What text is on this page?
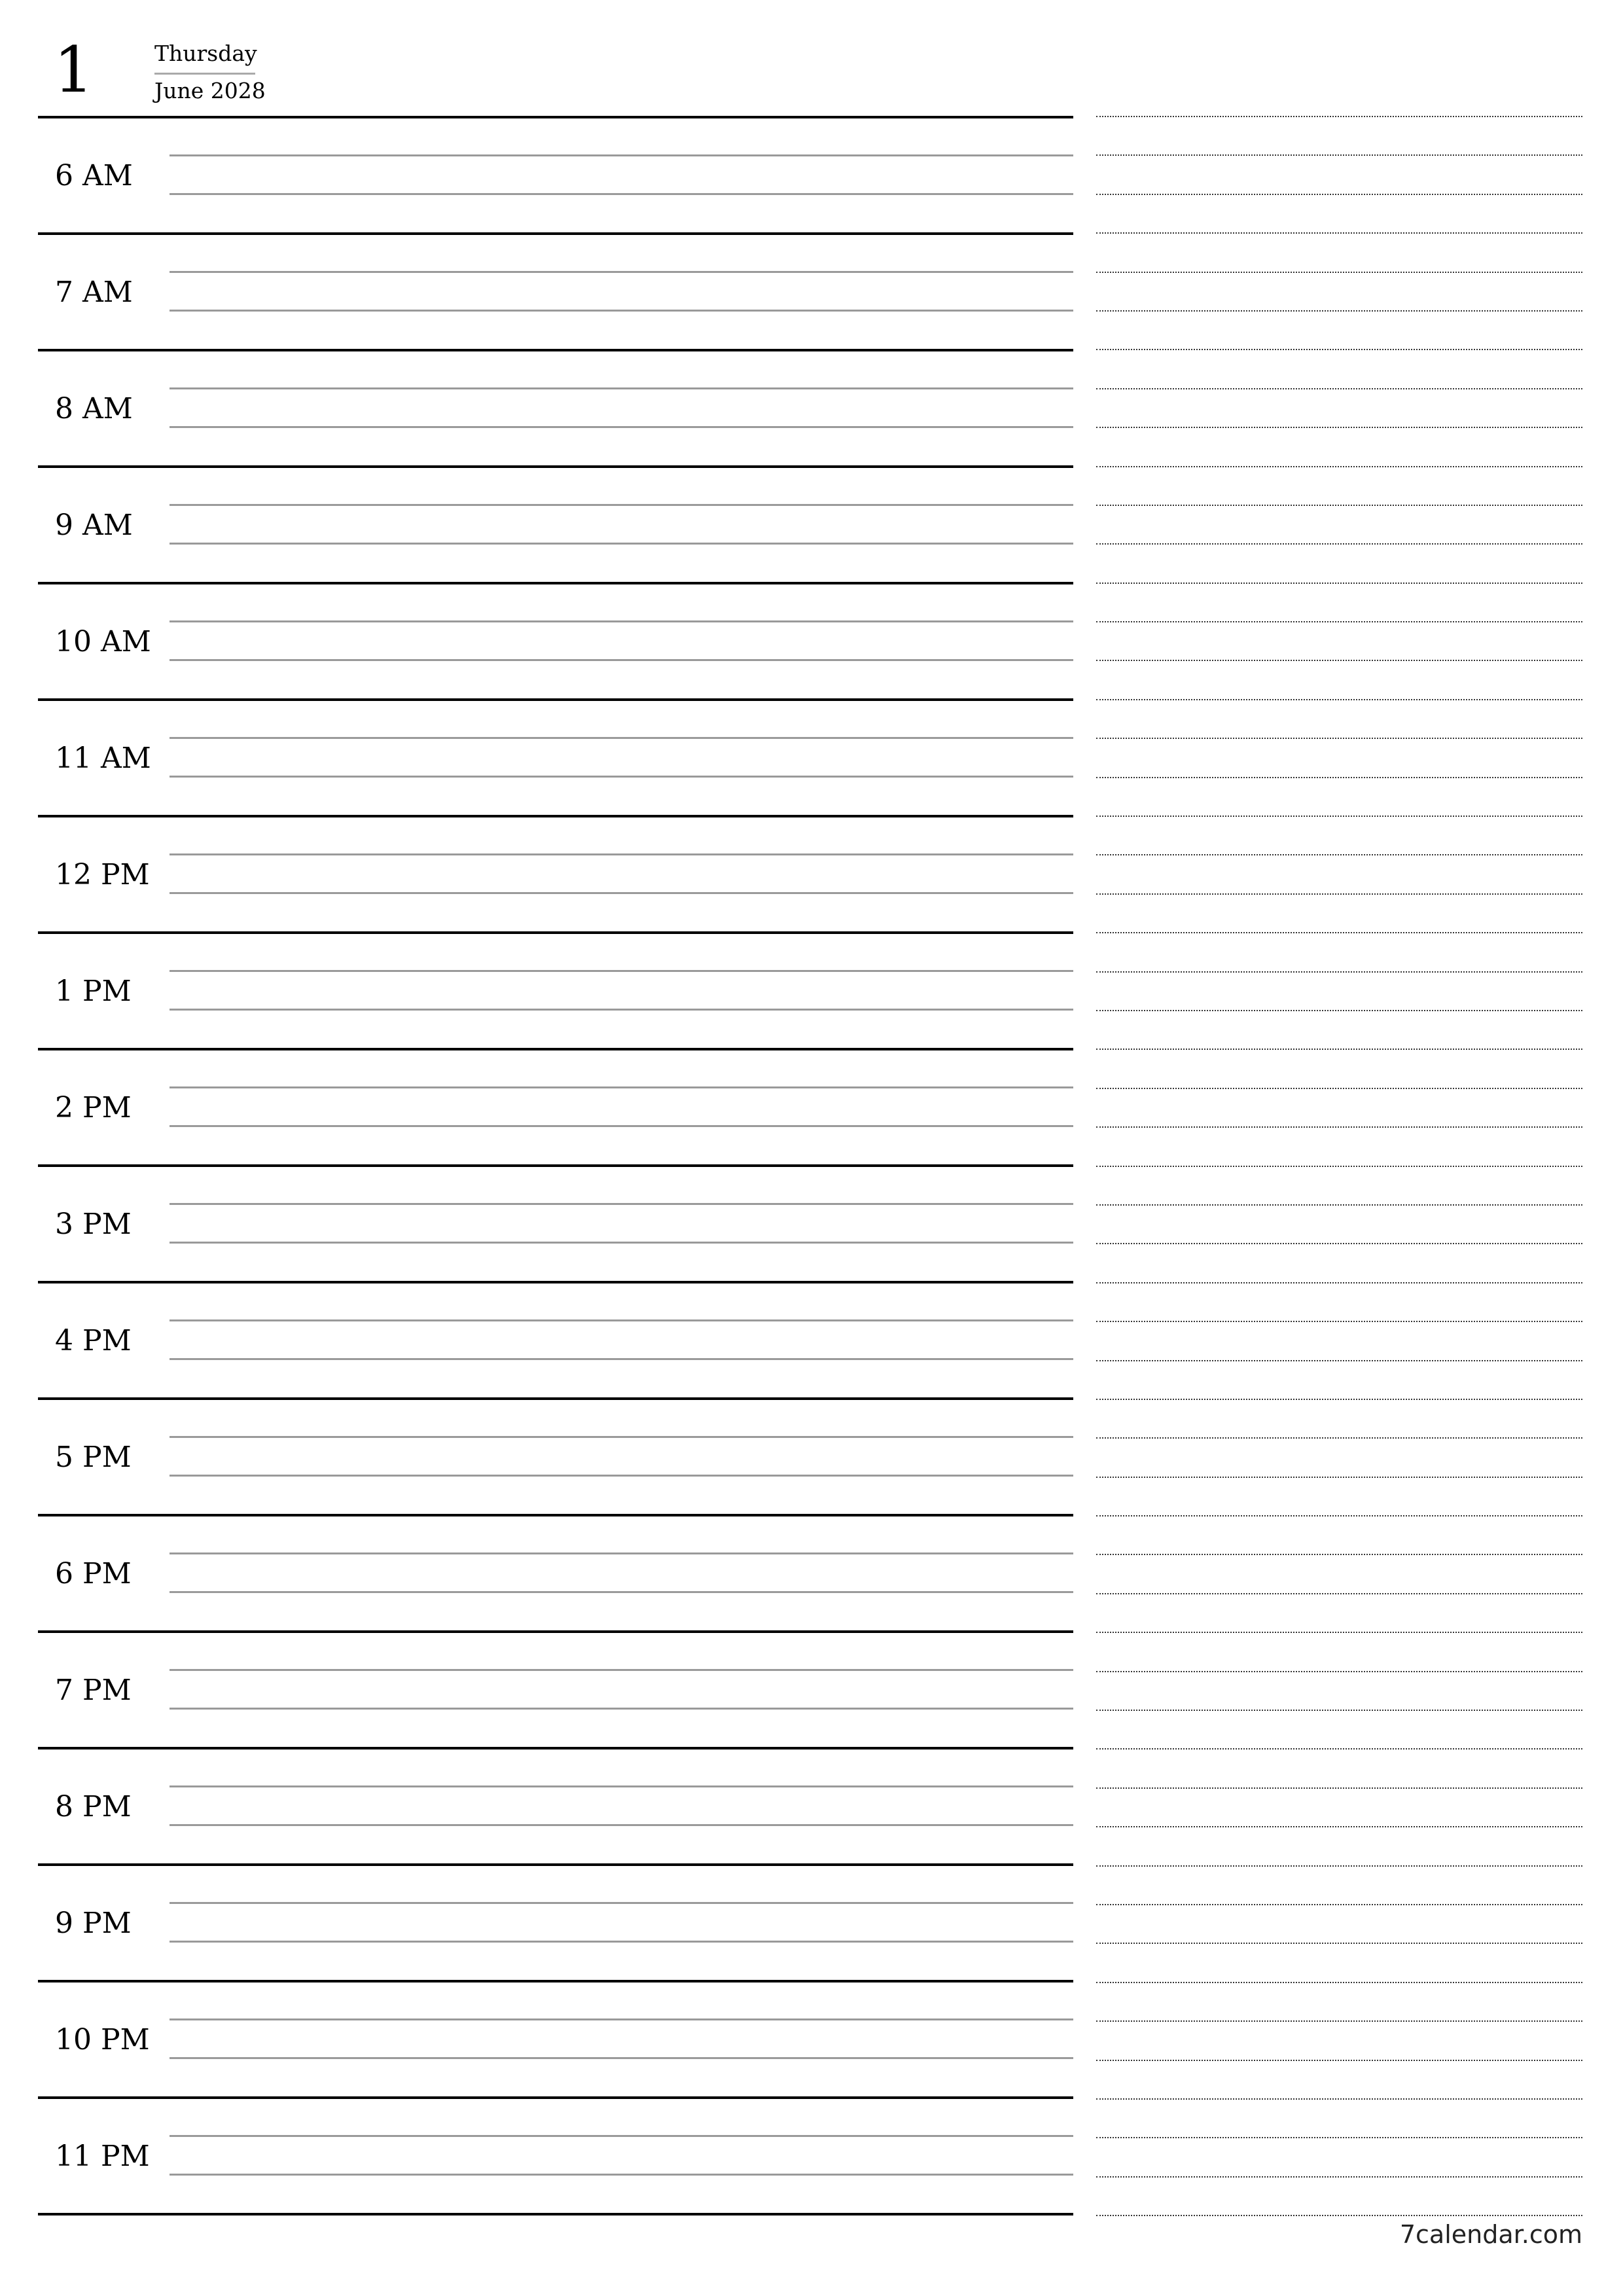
1	Thursday
June 2028
6 AM
7 AM
8 AM
9 AM
10 AM
11 AM
12 PM
1 PM
2 PM
3 PM
4 PM
5 PM
6 PM
7 PM
8 PM
9 PM
10 PM
11 PM
7calendar.com
